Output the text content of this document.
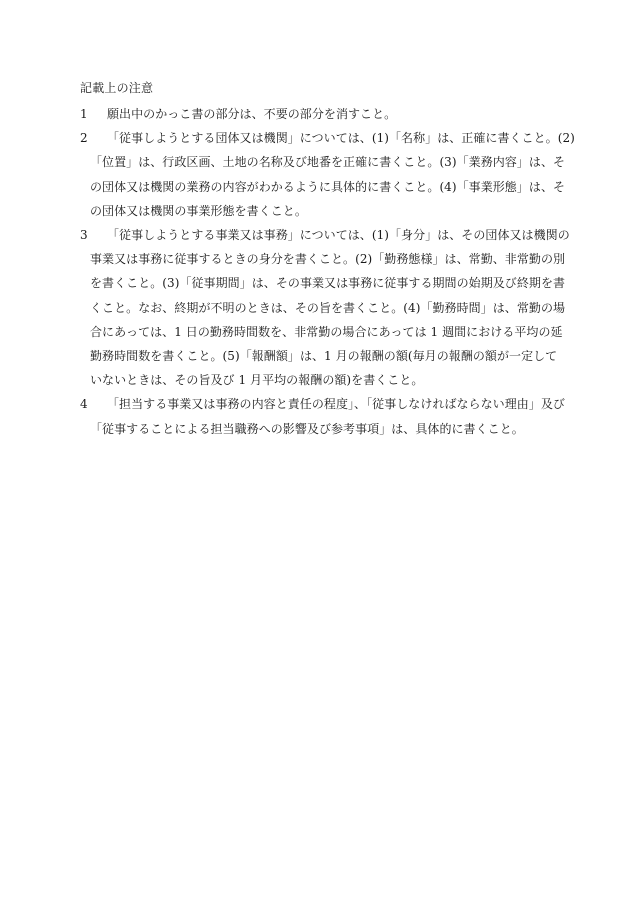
記載上の注意
1	願出中のかっこ書の部分は、不要の部分を消すこと。
2	「従事しようとする団体又は機関」については、(1)「名称」は、正確に書くこと。(2)
「位置」は、行政区画、土地の名称及び地番を正確に書くこと。(3)「業務内容」は、そ
の団体又は機関の業務の内容がわかるように具体的に書くこと。(4)「事業形態」は、そ
の団体又は機関の事業形態を書くこと。
3	「従事しようとする事業又は事務」については、(1)「身分」は、その団体又は機関の
事業又は事務に従事するときの身分を書くこと。(2)「勤務態様」は、常勤、非常勤の別
を書くこと。(3)「従事期間」は、その事業又は事務に従事する期間の始期及び終期を書
くこと。なお、終期が不明のときは、その旨を書くこと。(4)「勤務時間」は、常勤の場
合にあっては、1 日の勤務時間数を、非常勤の場合にあっては 1 週間における平均の延
勤務時間数を書くこと。(5)「報酬額」は、1 月の報酬の額(毎月の報酬の額が一定して
いないときは、その旨及び 1 月平均の報酬の額)を書くこと。
4	「担当する事業又は事務の内容と責任の程度」、「従事しなければならない理由」及び
「従事することによる担当職務への影響及び参考事項」は、具体的に書くこと。
